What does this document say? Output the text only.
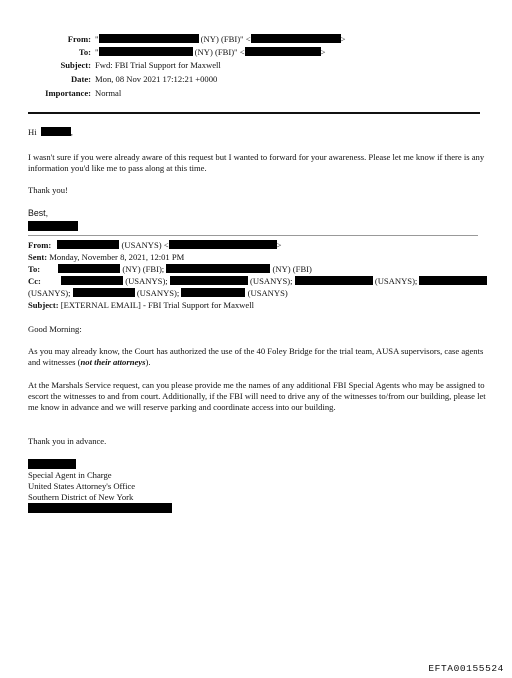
From: "	(NY) (FBI)" <	>
To: "	(NY) (FBI)" <	>
Subject: Fwd: FBI Trial Support for Maxwell
Date: Mon, 08 Nov 2021 17:12:21 +0000
Importance: Normal
Hi	,
I wasn't sure if you were already aware of this request but I wanted to forward for your awareness. Please let me know if there is any information you'd like me to pass along at this time.
Thank you!
Best,
From:	(USANYS) <	>
Sent: Monday, November 8, 2021, 12:01 PM
To:	(NY) (FBI);	(NY) (FBI)
Cc:	(USANYS);	(USANYS);	(USANYS);
(USANYS);	(USANYS);	(USANYS)
Subject: [EXTERNAL EMAIL] - FBI Trial Support for Maxwell
Good Morning:
As you may already know, the Court has authorized the use of the 40 Foley Bridge for the trial team, AUSA supervisors, case agents and witnesses (not their attorneys).
At the Marshals Service request, can you please provide me the names of any additional FBI Special Agents who may be assigned to escort the witnesses to and from court. Additionally, if the FBI will need to drive any of the witnesses to/from our building, please let me know in advance and we will reserve parking and coordinate access into our building.
Thank you in advance.
Special Agent in Charge
United States Attorney's Office
Southern District of New York
EFTA00155524
